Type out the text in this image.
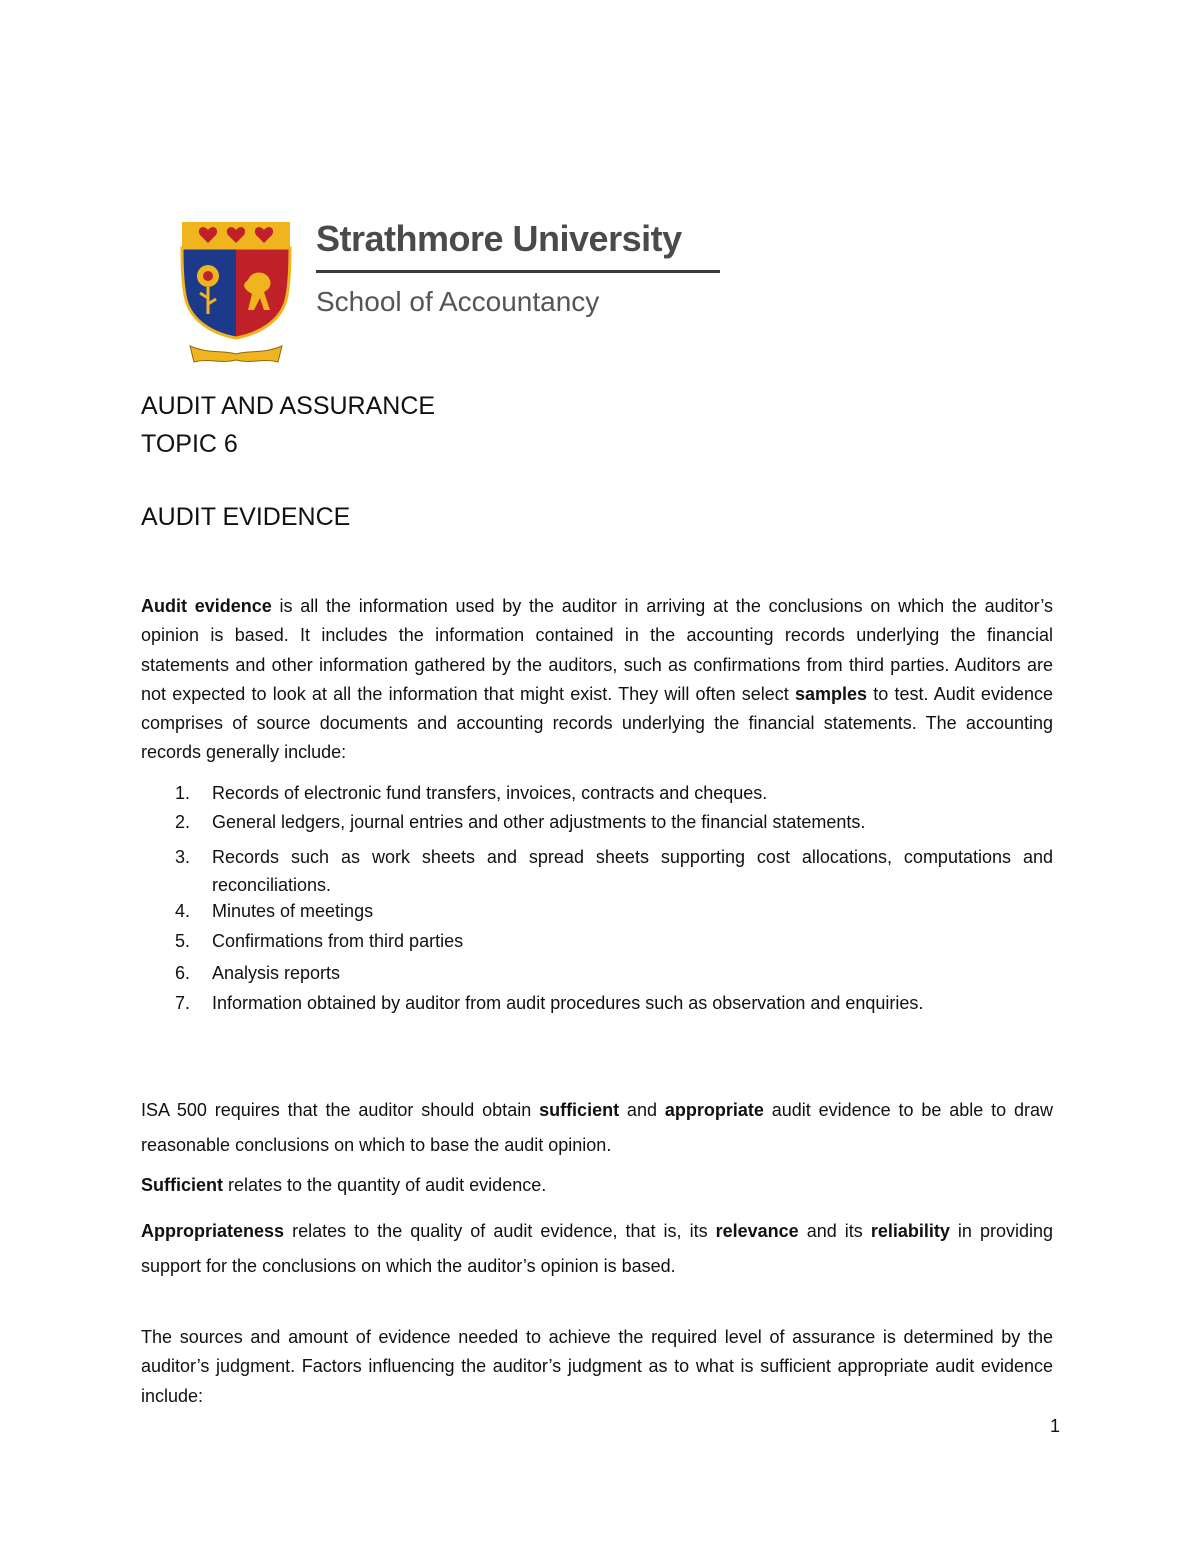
Strathmore University
School of Accountancy
AUDIT AND ASSURANCE
TOPIC 6
AUDIT EVIDENCE
Audit evidence is all the information used by the auditor in arriving at the conclusions on which the auditor’s opinion is based. It includes the information contained in the accounting records underlying the financial statements and other information gathered by the auditors, such as confirmations from third parties. Auditors are not expected to look at all the information that might exist. They will often select samples to test. Audit evidence comprises of source documents and accounting records underlying the financial statements. The accounting records generally include:
1. Records of electronic fund transfers, invoices, contracts and cheques.
2. General ledgers, journal entries and other adjustments to the financial statements.
3. Records such as work sheets and spread sheets supporting cost allocations, computations and reconciliations.
4. Minutes of meetings
5. Confirmations from third parties
6. Analysis reports
7. Information obtained by auditor from audit procedures such as observation and enquiries.
ISA 500 requires that the auditor should obtain sufficient and appropriate audit evidence to be able to draw reasonable conclusions on which to base the audit opinion.
Sufficient relates to the quantity of audit evidence.
Appropriateness relates to the quality of audit evidence, that is, its relevance and its reliability in providing support for the conclusions on which the auditor’s opinion is based.
The sources and amount of evidence needed to achieve the required level of assurance is determined by the auditor’s judgment. Factors influencing the auditor’s judgment as to what is sufficient appropriate audit evidence include:
1
